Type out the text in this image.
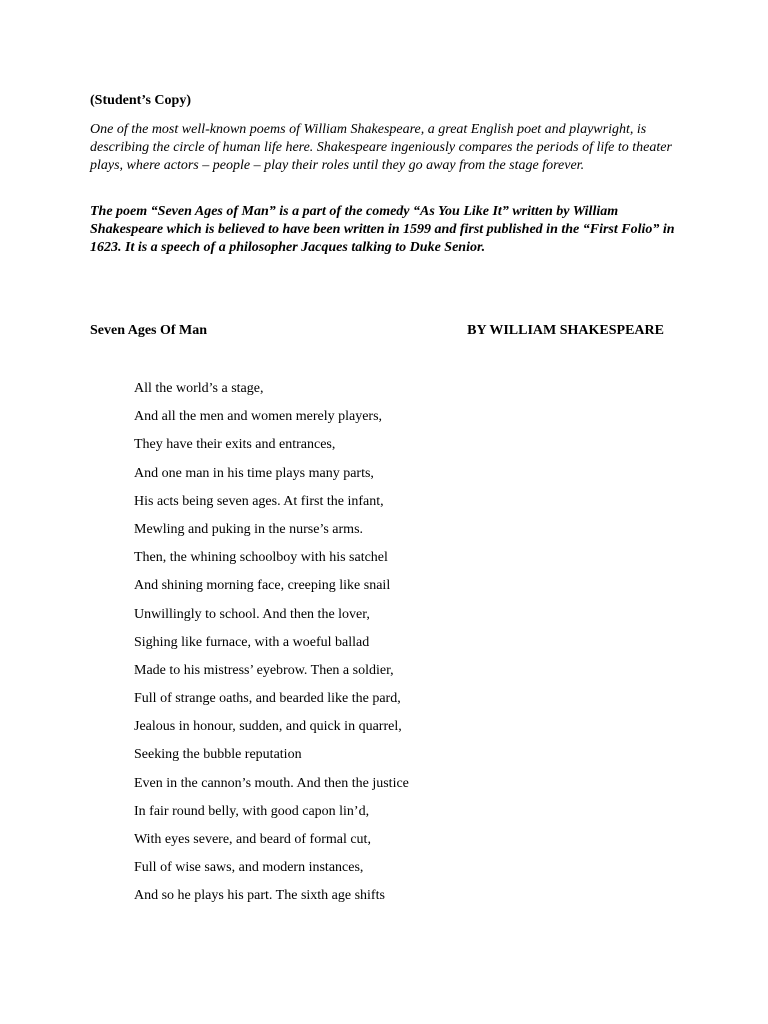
(Student’s Copy)

One of the most well-known poems of William Shakespeare, a great English poet and playwright, is describing the circle of human life here. Shakespeare ingeniously compares the periods of life to theater plays, where actors – people – play their roles until they go away from the stage forever.

The poem “Seven Ages of Man” is a part of the comedy “As You Like It” written by William Shakespeare which is believed to have been written in 1599 and first published in the “First Folio” in 1623. It is a speech of a philosopher Jacques talking to Duke Senior.

Seven Ages Of Man	BY WILLIAM SHAKESPEARE
All the world’s a stage,
And all the men and women merely players,
They have their exits and entrances,
And one man in his time plays many parts,
His acts being seven ages. At first the infant,
Mewling and puking in the nurse’s arms.
Then, the whining schoolboy with his satchel
And shining morning face, creeping like snail
Unwillingly to school. And then the lover,
Sighing like furnace, with a woeful ballad
Made to his mistress’ eyebrow. Then a soldier,
Full of strange oaths, and bearded like the pard,
Jealous in honour, sudden, and quick in quarrel,
Seeking the bubble reputation
Even in the cannon’s mouth. And then the justice
In fair round belly, with good capon lin’d,
With eyes severe, and beard of formal cut,
Full of wise saws, and modern instances,
And so he plays his part. The sixth age shifts
